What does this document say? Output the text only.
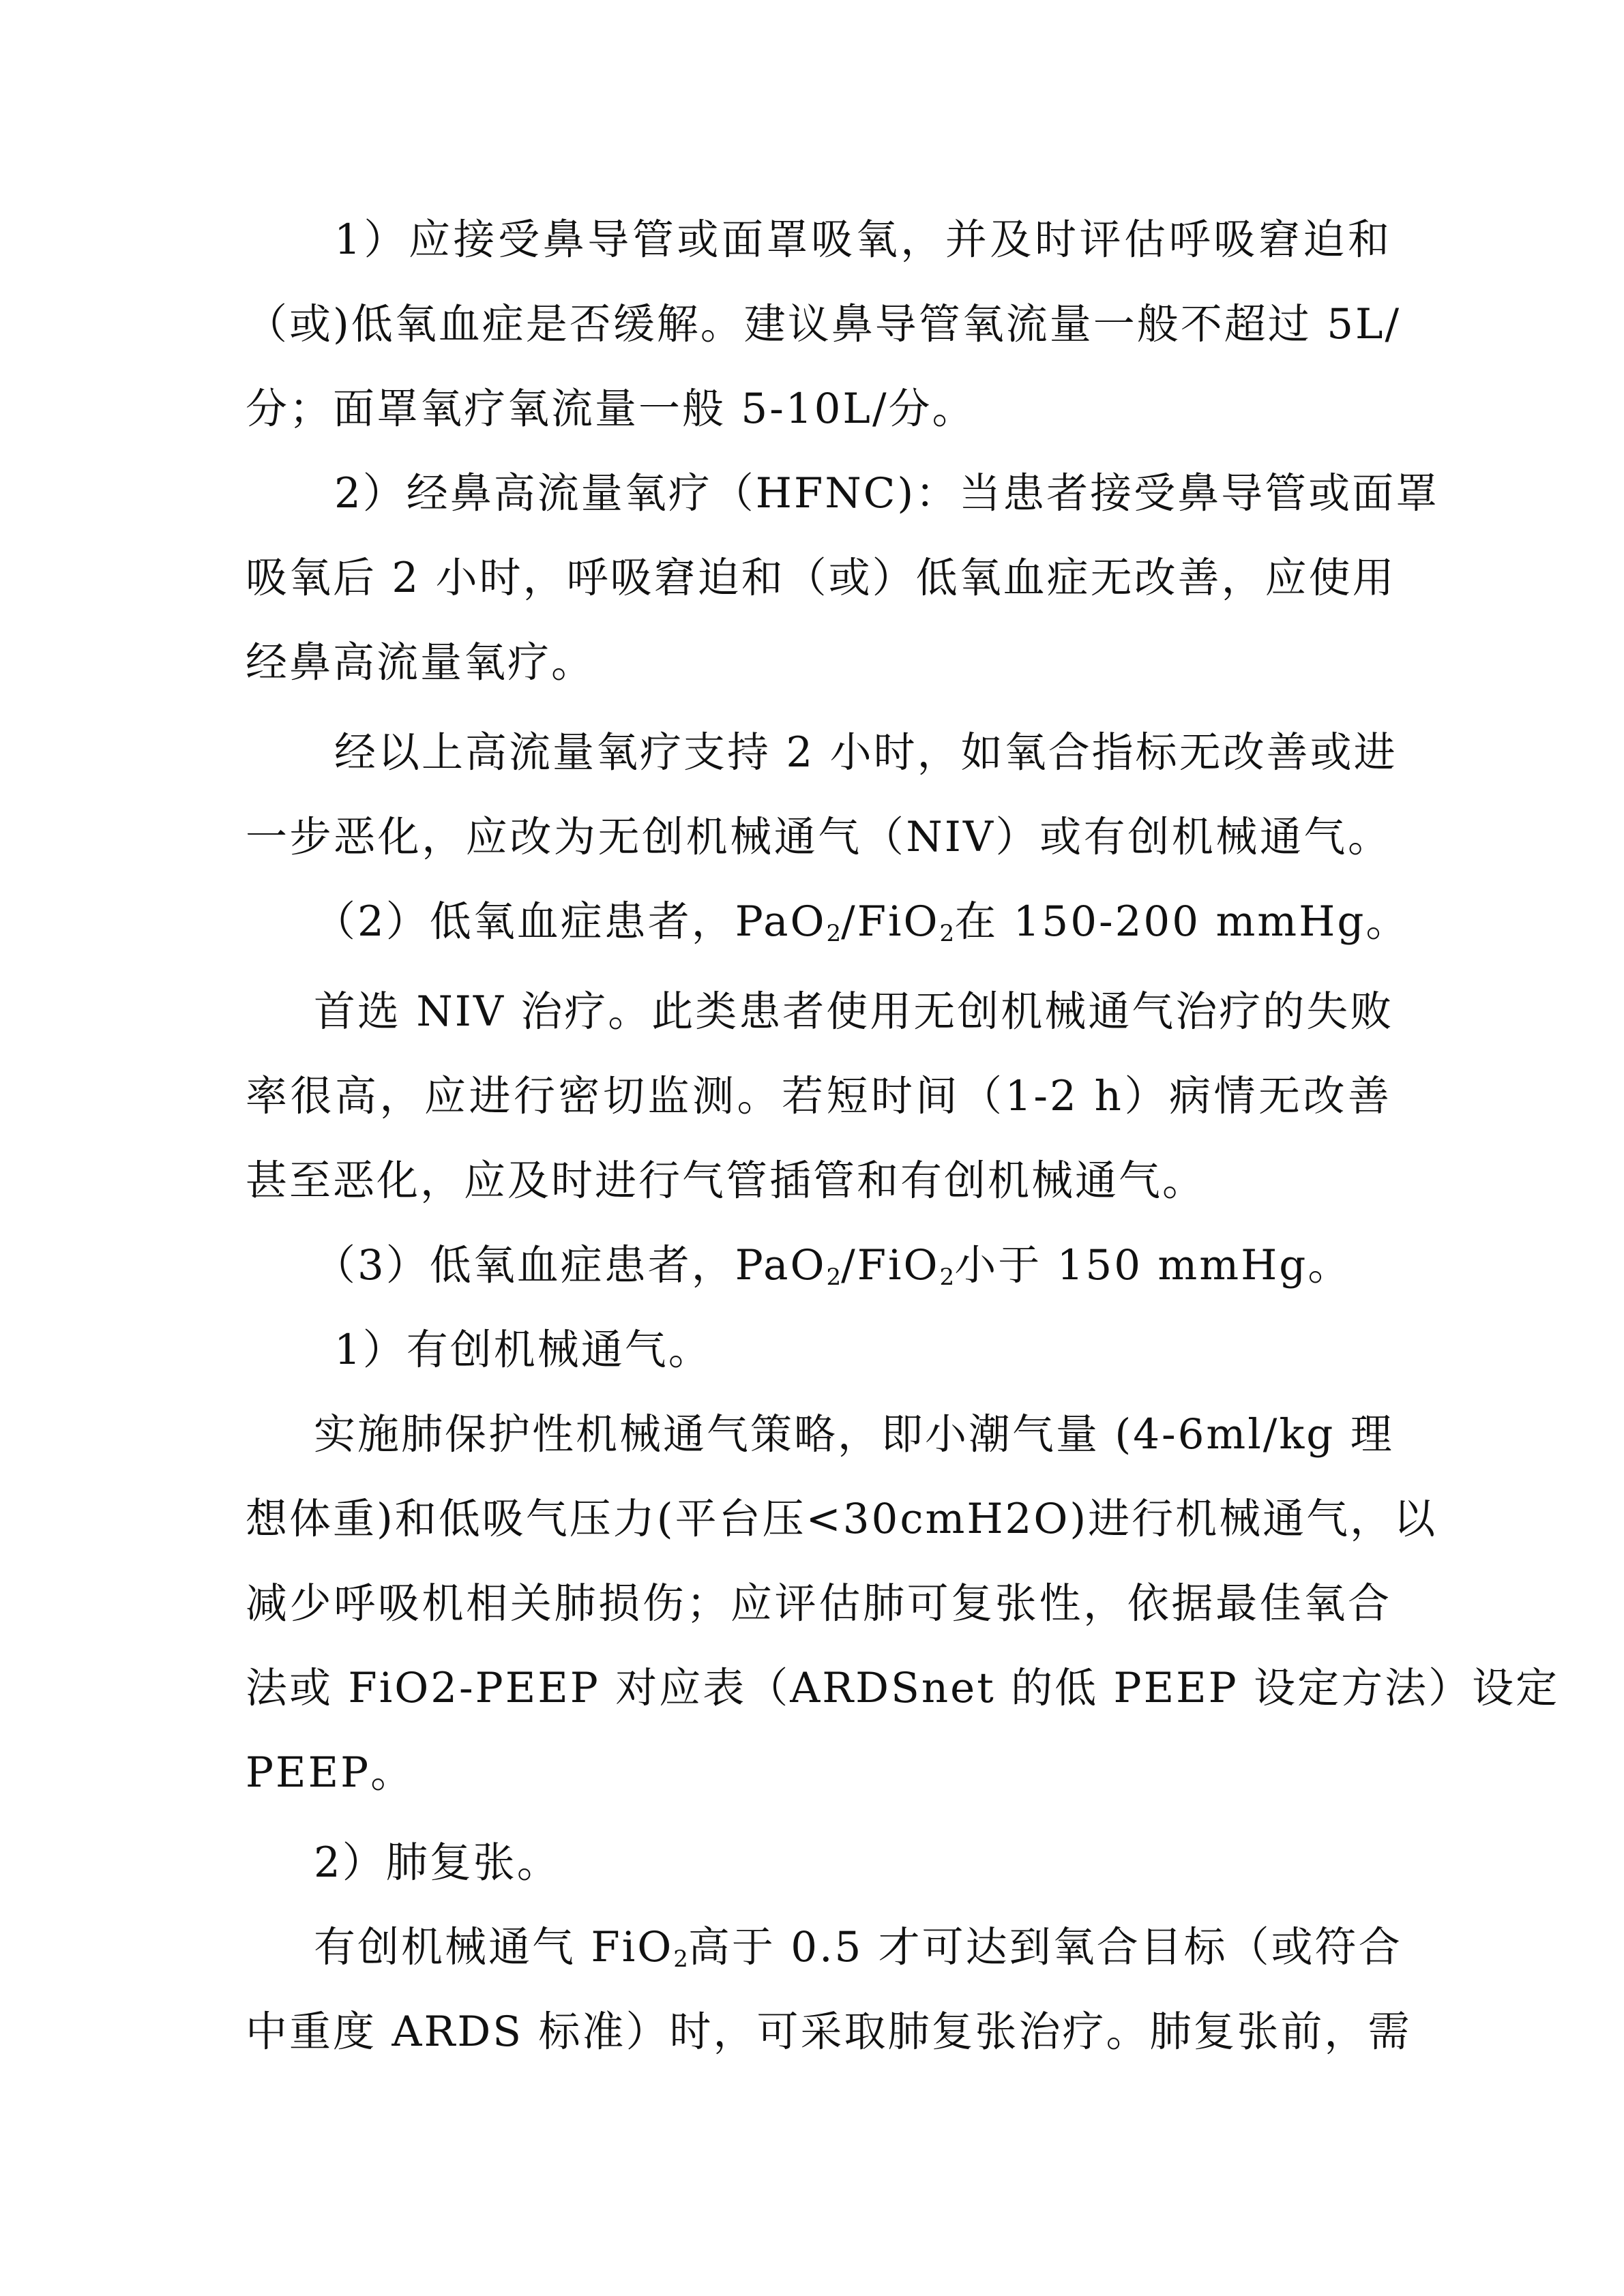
1）应接受鼻导管或面罩吸氧，并及时评估呼吸窘迫和
（或)低氧血症是否缓解。建议鼻导管氧流量一般不超过 5L/
分；面罩氧疗氧流量一般 5-10L/分。
2）经鼻高流量氧疗（HFNC)：当患者接受鼻导管或面罩
吸氧后 2 小时，呼吸窘迫和（或）低氧血症无改善，应使用
经鼻高流量氧疗。
经以上高流量氧疗支持 2 小时，如氧合指标无改善或进
一步恶化，应改为无创机械通气（NIV）或有创机械通气。
（2）低氧血症患者，PaO$_2$/FiO$_2$在 150-200 mmHg。
首选 NIV 治疗。此类患者使用无创机械通气治疗的失败
率很高，应进行密切监测。若短时间（1-2 h）病情无改善
甚至恶化，应及时进行气管插管和有创机械通气。
（3）低氧血症患者，PaO$_2$/FiO$_2$小于 150 mmHg。
1）有创机械通气。
实施肺保护性机械通气策略，即小潮气量 (4-6ml/kg 理
想体重)和低吸气压力(平台压<30cmH2O)进行机械通气，以
减少呼吸机相关肺损伤；应评估肺可复张性，依据最佳氧合
法或 FiO2-PEEP 对应表（ARDSnet 的低 PEEP 设定方法）设定
PEEP。
2）肺复张。
有创机械通气 FiO$_2$高于 0.5 才可达到氧合目标（或符合
中重度 ARDS 标准）时，可采取肺复张治疗。肺复张前，需
